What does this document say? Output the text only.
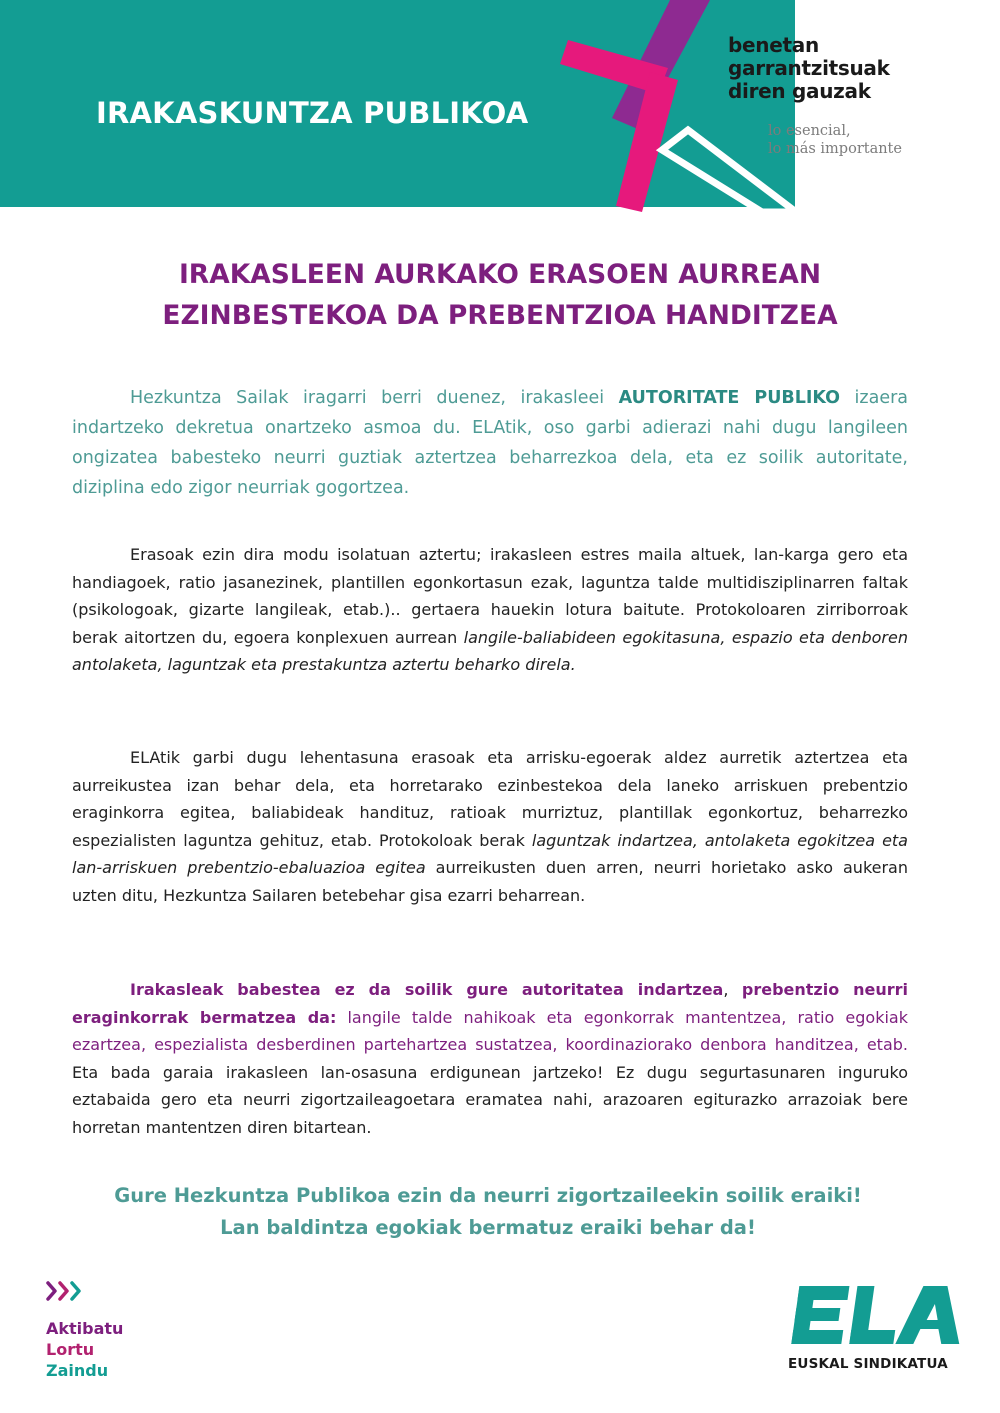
IRAKASKUNTZA PUBLIKOA
benetan
garrantzitsuak
diren gauzak
lo esencial,
lo más importante
IRAKASLEEN AURKAKO ERASOEN AURREAN
EZINBESTEKOA DA PREBENTZIOA HANDITZEA

Hezkuntza Sailak iragarri berri duenez, irakasleei AUTORITATE PUBLIKO izaera indartzeko dekretua onartzeko asmoa du. ELAtik, oso garbi adierazi nahi dugu langileen ongizatea babesteko neurri guztiak aztertzea beharrezkoa dela, eta ez soilik autoritate, diziplina edo zigor neurriak gogortzea.

Erasoak ezin dira modu isolatuan aztertu; irakasleen estres maila altuek, lan-karga gero eta handiagoek, ratio jasanezinek, plantillen egonkortasun ezak, laguntza talde multidisziplinarren faltak (psikologoak, gizarte langileak, etab.).. gertaera hauekin lotura baitute. Protokoloaren zirriborroak berak aitortzen du, egoera konplexuen aurrean langile-baliabideen egokitasuna, espazio eta denboren antolaketa, laguntzak eta prestakuntza aztertu beharko direla.

ELAtik garbi dugu lehentasuna erasoak eta arrisku-egoerak aldez aurretik aztertzea eta aurreikustea izan behar dela, eta horretarako ezinbestekoa dela laneko arriskuen prebentzio eraginkorra egitea, baliabideak handituz, ratioak murriztuz, plantillak egonkortuz, beharrezko espezialisten laguntza gehituz, etab. Protokoloak berak laguntzak indartzea, antolaketa egokitzea eta lan-arriskuen prebentzio-ebaluazioa egitea aurreikusten duen arren, neurri horietako asko aukeran uzten ditu, Hezkuntza Sailaren betebehar gisa ezarri beharrean.

Irakasleak babestea ez da soilik gure autoritatea indartzea, prebentzio neurri eraginkorrak bermatzea da: langile talde nahikoak eta egonkorrak mantentzea, ratio egokiak ezartzea, espezialista desberdinen partehartzea sustatzea, koordinaziorako denbora handitzea, etab. Eta bada garaia irakasleen lan-osasuna erdigunean jartzeko! Ez dugu segurtasunaren inguruko eztabaida gero eta neurri zigortzaileagoetara eramatea nahi, arazoaren egiturazko arrazoiak bere horretan mantentzen diren bitartean.

Gure Hezkuntza Publikoa ezin da neurri zigortzaileekin soilik eraiki!
Lan baldintza egokiak bermatuz eraiki behar da!
Aktibatu
Lortu
Zaindu	EUSKAL SINDIKATUA
